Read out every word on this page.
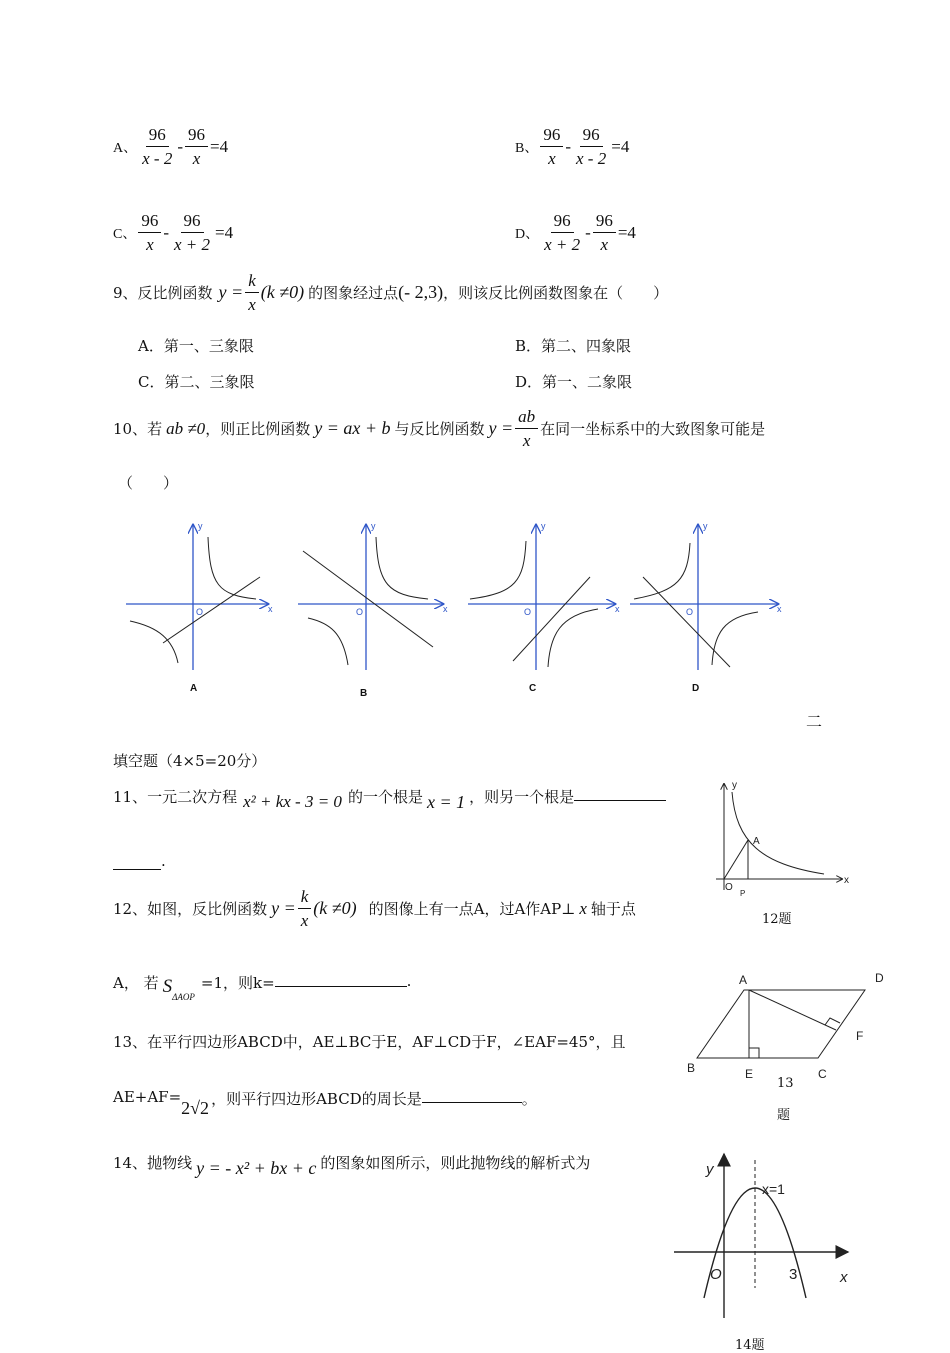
A、 $\frac{96}{x - 2} - \frac{96}{x} =4$	B、 $\frac{96}{x} - \frac{96}{x - 2} =4$
C、 $\frac{96}{x} - \frac{96}{x + 2} =4$	D、 $\frac{96}{x + 2} - \frac{96}{x} =4$
9、反比例函数 $y = \frac{k}{x} (k \ne 0)$ 的图象经过点 (- 2,3) ，则该反比例函数图象在（　　）
A．第一、三象限	B．第二、四象限
C．第二、三象限	D．第一、二象限
10、若 ab ≠0 ，则正比例函数 y = ax + b 与反比例函数 $y = \frac{ab}{x}$ 在同一坐标系中的大致图象可能是
（　　）
x
y
O
A
x
y
O
B
x
y
O
C
x
y
O
D
二
填空题（4×5=20分）
11、一元二次方程 x² + kx - 3 = 0 的一个根是 x = 1 ，则另一个根是
.
y
x
A
O
P
12题
12、如图，反比例函数 $y = \frac{k}{x} (k \ne 0)$ 的图像上有一点A，过A作AP⊥ x 轴于点
A， 若 S ΔAOP
=1，则k=	.	A	D
B	E	C
F
13
题
13、在平行四边形ABCD中，AE⊥BC于E，AF⊥CD于F，∠EAF=45°，且
AE+AF=
2√2 ，则平行四边形ABCD的周长是	。
14、抛物线 y = - x² + bx + c 的图象如图所示，则此抛物线的解析式为	y
x
O	3
x=1
14题
